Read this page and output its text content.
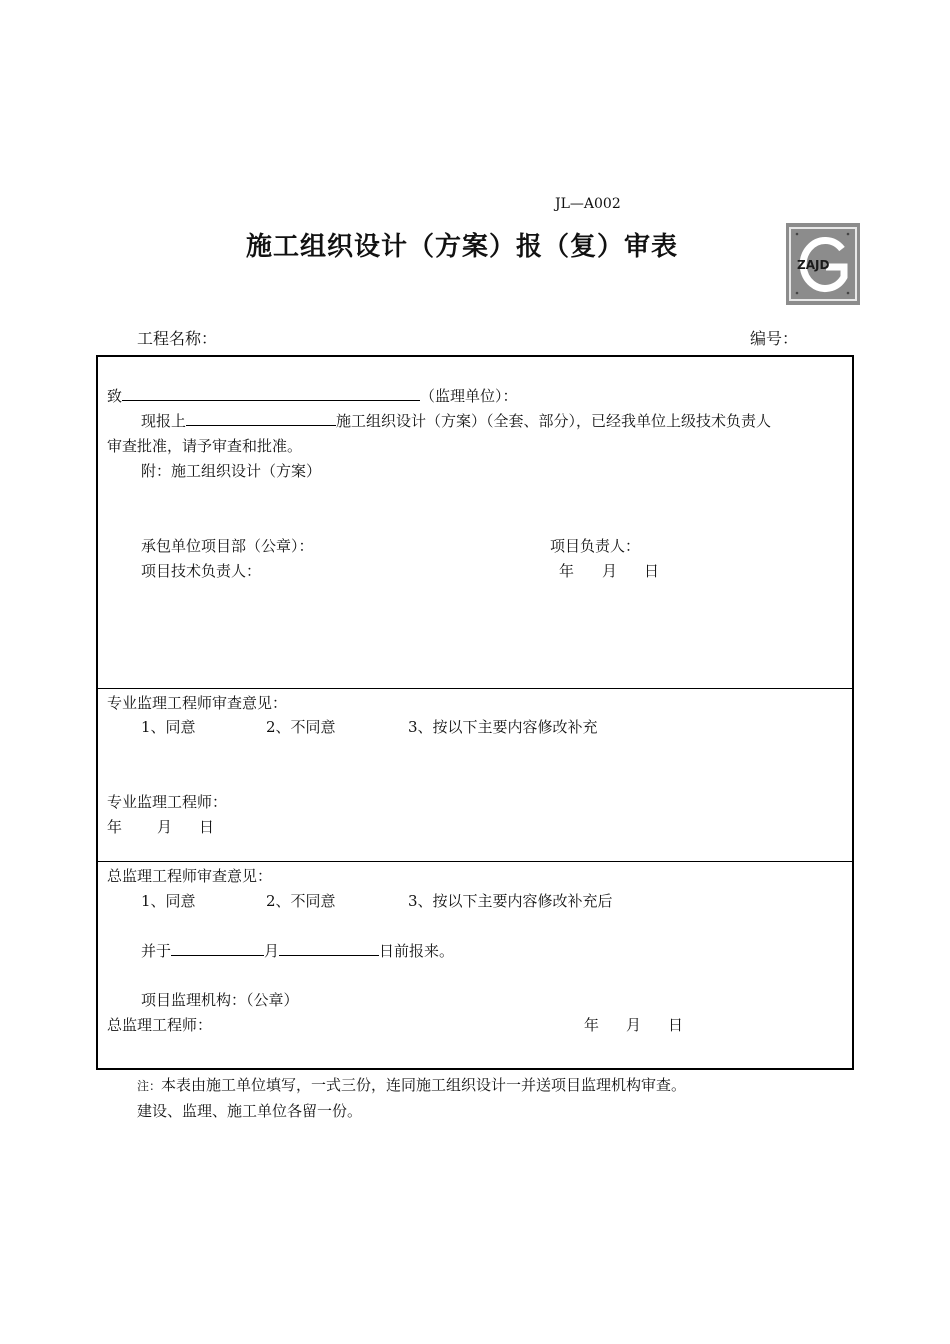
JL—A002
施工组织设计（方案）报（复）审表
ZAJD
工程名称：	编号：
致	（监理单位）：
现报上	施工组织设计（方案）（全套、部分），已经我单位上级技术负责人
审查批准，请予审查和批准。
附：施工组织设计（方案）
承包单位项目部（公章）：	项目负责人：
项目技术负责人：	年 月 日
专业监理工程师审查意见：
1、同意	2、不同意	3、按以下主要内容修改补充
专业监理工程师：
年 月 日
总监理工程师审查意见：
1、同意	2、不同意	3、按以下主要内容修改补充后
并于	月	日前报来。
项目监理机构：（公章）
总监理工程师：	年 月 日
注：本表由施工单位填写，一式三份，连同施工组织设计一并送项目监理机构审查。
建设、监理、施工单位各留一份。
